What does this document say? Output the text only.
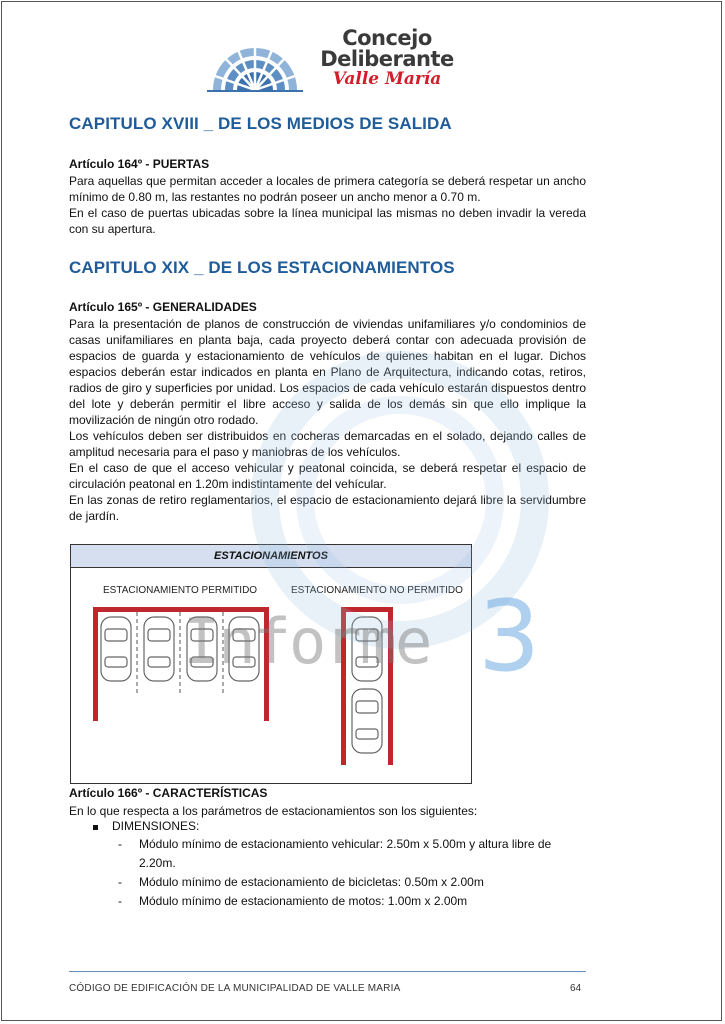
Concejo
Deliberante
Valle María
CAPITULO XVIII _ DE LOS MEDIOS DE SALIDA
Artículo 164º - PUERTAS

Para aquellas que permitan acceder a locales de primera categoría se deberá respetar un ancho mínimo de 0.80 m, las restantes no podrán poseer un ancho menor a 0.70 m.

En el caso de puertas ubicadas sobre la línea municipal las mismas no deben invadir la vereda con su apertura.

CAPITULO XIX _ DE LOS ESTACIONAMIENTOS
Artículo 165º - GENERALIDADES

Para la presentación de planos de construcción de viviendas unifamiliares y/o condominios de casas unifamiliares en planta baja, cada proyecto deberá contar con adecuada provisión de espacios de guarda y estacionamiento de vehículos de quienes habitan en el lugar. Dichos espacios deberán estar indicados en planta en Plano de Arquitectura, indicando cotas, retiros, radios de giro y superficies por unidad. Los espacios de cada vehículo estarán dispuestos dentro del lote y deberán permitir el libre acceso y salida de los demás sin que ello implique la movilización de ningún otro rodado.

Los vehículos deben ser distribuidos en cocheras demarcadas en el solado, dejando calles de amplitud necesaria para el paso y maniobras de los vehículos.

En el caso de que el acceso vehicular y peatonal coincida, se deberá respetar el espacio de circulación peatonal en 1.20m indistintamente del vehícular.

En las zonas de retiro reglamentarios, el espacio de estacionamiento dejará libre la servidumbre de jardín.

ESTACIONAMIENTOS
ESTACIONAMIENTO PERMITIDO	ESTACIONAMIENTO NO PERMITIDO
Informe 3
Artículo 166º - CARACTERÍSTICAS
En lo que respecta a los parámetros de estacionamientos son los siguientes:
DIMENSIONES:
- Módulo mínimo de estacionamiento vehicular: 2.50m x 5.00m y altura libre de 2.20m.
- Módulo mínimo de estacionamiento de bicicletas: 0.50m x 2.00m
- Módulo mínimo de estacionamiento de motos: 1.00m x 2.00m
CÓDIGO DE EDIFICACIÓN DE LA MUNICIPALIDAD DE VALLE MARIA	64
